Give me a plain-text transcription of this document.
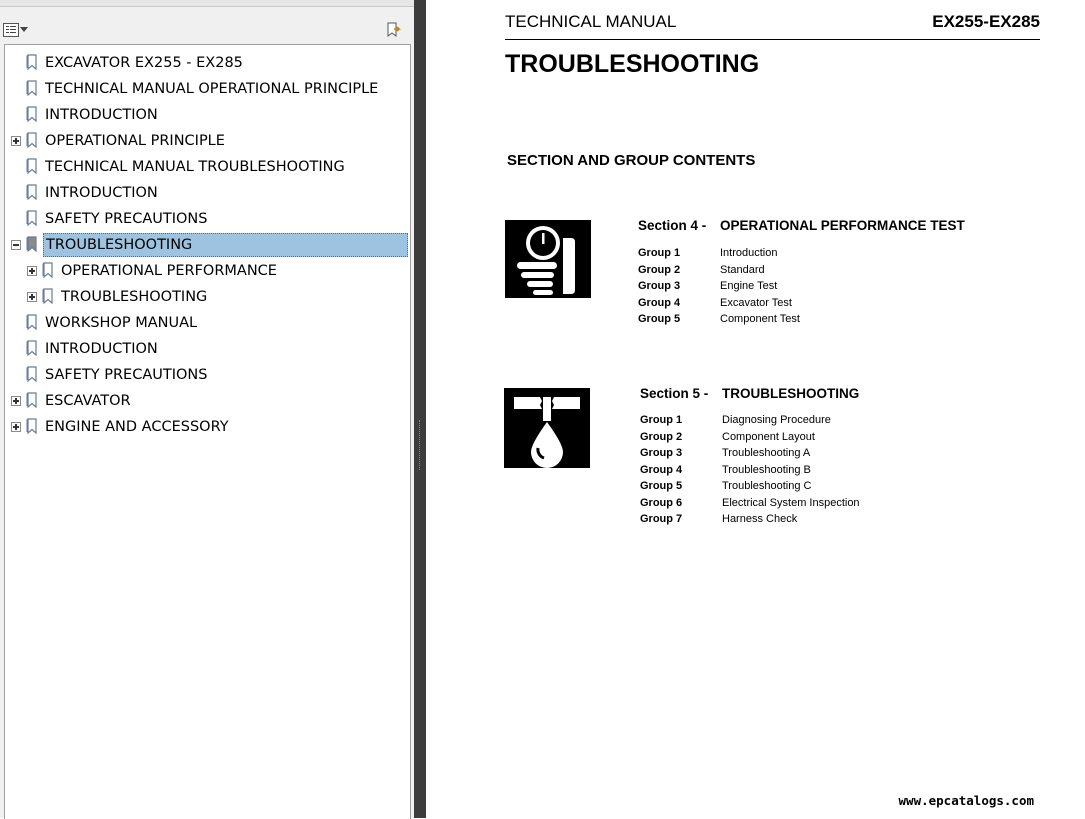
EXCAVATOR EX255 - EX285
TECHNICAL MANUAL OPERATIONAL PRINCIPLE
INTRODUCTION
OPERATIONAL PRINCIPLE
TECHNICAL MANUAL TROUBLESHOOTING
INTRODUCTION
SAFETY PRECAUTIONS
TROUBLESHOOTING
OPERATIONAL PERFORMANCE
TROUBLESHOOTING
WORKSHOP MANUAL
INTRODUCTION
SAFETY PRECAUTIONS
ESCAVATOR
ENGINE AND ACCESSORY
TECHNICAL MANUAL	EX255-EX285
TROUBLESHOOTING
SECTION AND GROUP CONTENTS
Section 4 - OPERATIONAL PERFORMANCE TEST
Group 1	Introduction
Group 2	Standard
Group 3	Engine Test
Group 4	Excavator Test
Group 5	Component Test
Section 5 - TROUBLESHOOTING
Group 1	Diagnosing Procedure
Group 2	Component Layout
Group 3	Troubleshooting A
Group 4	Troubleshooting B
Group 5	Troubleshooting C
Group 6	Electrical System Inspection
Group 7	Harness Check
www.epcatalogs.com
